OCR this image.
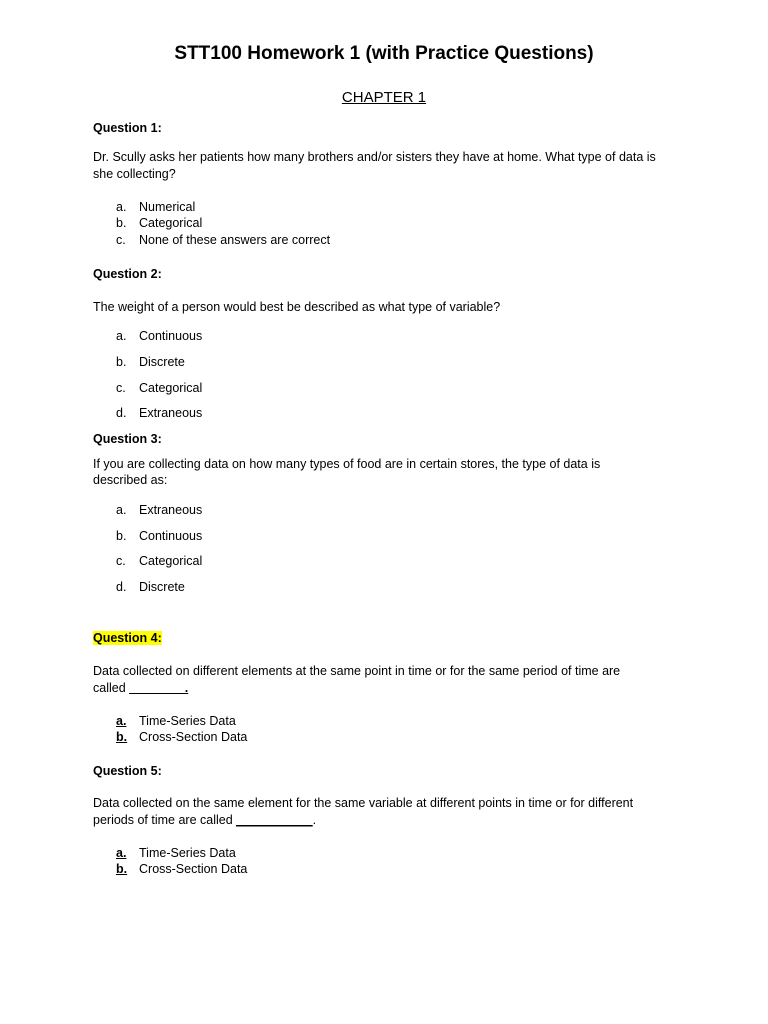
STT100 Homework 1 (with Practice Questions)
CHAPTER 1
Question 1:
Dr. Scully asks her patients how many brothers and/or sisters they have at home. What type of data is
she collecting?
a. Numerical
b. Categorical
c. None of these answers are correct
Question 2:
The weight of a person would best be described as what type of variable?
a. Continuous
b. Discrete
c. Categorical
d. Extraneous
Question 3:
If you are collecting data on how many types of food are in certain stores, the type of data is
described as:
a. Extraneous
b. Continuous
c. Categorical
d. Discrete
Question 4:
Data collected on different elements at the same point in time or for the same period of time are
called ________.
a. Time-Series Data
b. Cross-Section Data
Question 5:
Data collected on the same element for the same variable at different points in time or for different
periods of time are called ___________.
a. Time-Series Data
b. Cross-Section Data
